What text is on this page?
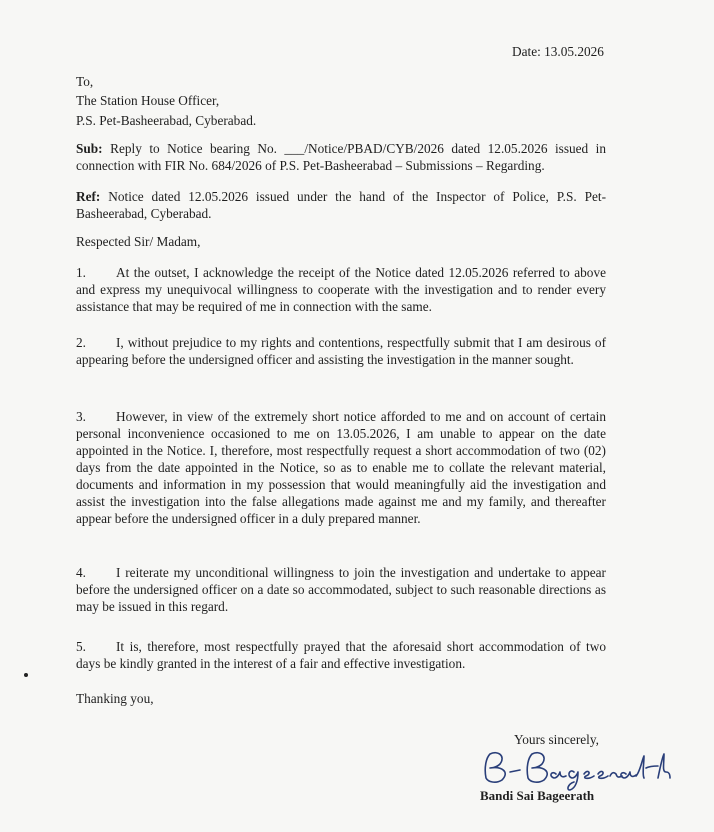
Date: 13.05.2026
To,
The Station House Officer,
P.S. Pet-Basheerabad, Cyberabad.
Sub: Reply to Notice bearing No. ___/Notice/PBAD/CYB/2026 dated 12.05.2026 issued in connection with FIR No. 684/2026 of P.S. Pet-Basheerabad – Submissions – Regarding.
Ref: Notice dated 12.05.2026 issued under the hand of the Inspector of Police, P.S. Pet-Basheerabad, Cyberabad.
Respected Sir/ Madam,
1. At the outset, I acknowledge the receipt of the Notice dated 12.05.2026 referred to above and express my unequivocal willingness to cooperate with the investigation and to render every assistance that may be required of me in connection with the same.
2. I, without prejudice to my rights and contentions, respectfully submit that I am desirous of appearing before the undersigned officer and assisting the investigation in the manner sought.
3. However, in view of the extremely short notice afforded to me and on account of certain personal inconvenience occasioned to me on 13.05.2026, I am unable to appear on the date appointed in the Notice. I, therefore, most respectfully request a short accommodation of two (02) days from the date appointed in the Notice, so as to enable me to collate the relevant material, documents and information in my possession that would meaningfully aid the investigation and assist the investigation into the false allegations made against me and my family, and thereafter appear before the undersigned officer in a duly prepared manner.
4. I reiterate my unconditional willingness to join the investigation and undertake to appear before the undersigned officer on a date so accommodated, subject to such reasonable directions as may be issued in this regard.
5. It is, therefore, most respectfully prayed that the aforesaid short accommodation of two days be kindly granted in the interest of a fair and effective investigation.
Thanking you,
Yours sincerely,
Bandi Sai Bageerath
